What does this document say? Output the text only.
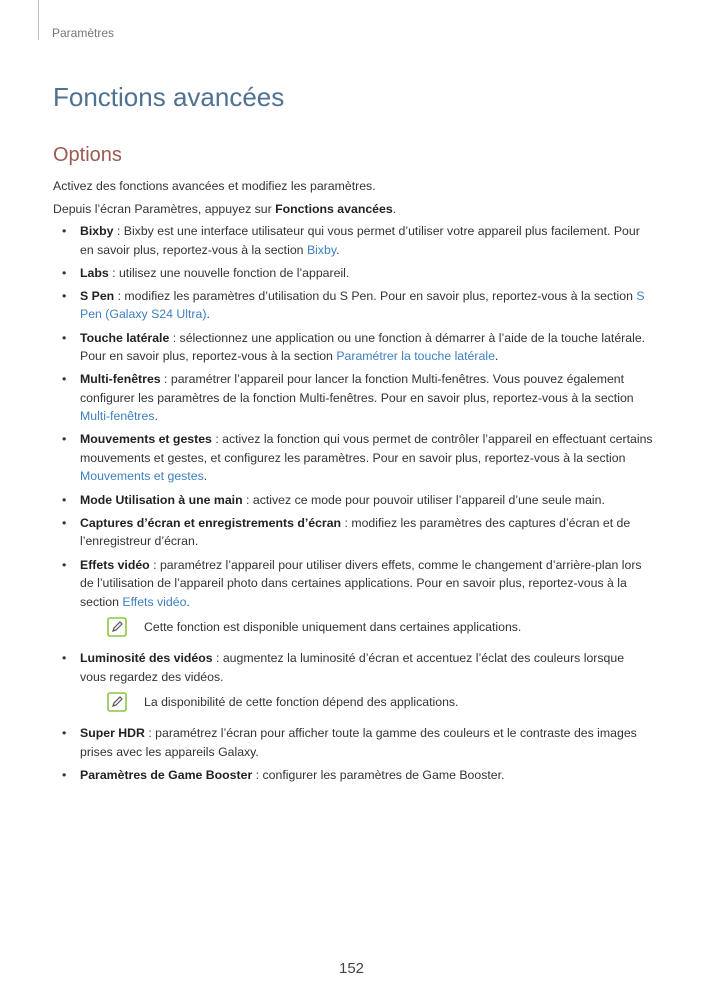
Paramètres
Fonctions avancées
Options

Activez des fonctions avancées et modifiez les paramètres.

Depuis l’écran Paramètres, appuyez sur Fonctions avancées.

• Bixby : Bixby est une interface utilisateur qui vous permet d’utiliser votre appareil plus facilement. Pour en savoir plus, reportez-vous à la section Bixby.
• Labs : utilisez une nouvelle fonction de l’appareil.
• S Pen : modifiez les paramètres d’utilisation du S Pen. Pour en savoir plus, reportez-vous à la section S Pen (Galaxy S24 Ultra).
• Touche latérale : sélectionnez une application ou une fonction à démarrer à l’aide de la touche latérale. Pour en savoir plus, reportez-vous à la section Paramétrer la touche latérale.
• Multi-fenêtres : paramétrer l’appareil pour lancer la fonction Multi-fenêtres. Vous pouvez également configurer les paramètres de la fonction Multi-fenêtres. Pour en savoir plus, reportez-vous à la section Multi-fenêtres.
• Mouvements et gestes : activez la fonction qui vous permet de contrôler l’appareil en effectuant certains mouvements et gestes, et configurez les paramètres. Pour en savoir plus, reportez-vous à la section Mouvements et gestes.
• Mode Utilisation à une main : activez ce mode pour pouvoir utiliser l’appareil d’une seule main.
• Captures d’écran et enregistrements d’écran : modifiez les paramètres des captures d’écran et de l’enregistreur d’écran.
• Effets vidéo : paramétrez l’appareil pour utiliser divers effets, comme le changement d’arrière-plan lors de l’utilisation de l’appareil photo dans certaines applications. Pour en savoir plus, reportez-vous à la section Effets vidéo.
Cette fonction est disponible uniquement dans certaines applications.
• Luminosité des vidéos : augmentez la luminosité d’écran et accentuez l’éclat des couleurs lorsque vous regardez des vidéos.
La disponibilité de cette fonction dépend des applications.
• Super HDR : paramétrez l’écran pour afficher toute la gamme des couleurs et le contraste des images prises avec les appareils Galaxy.
• Paramètres de Game Booster : configurer les paramètres de Game Booster.
152
